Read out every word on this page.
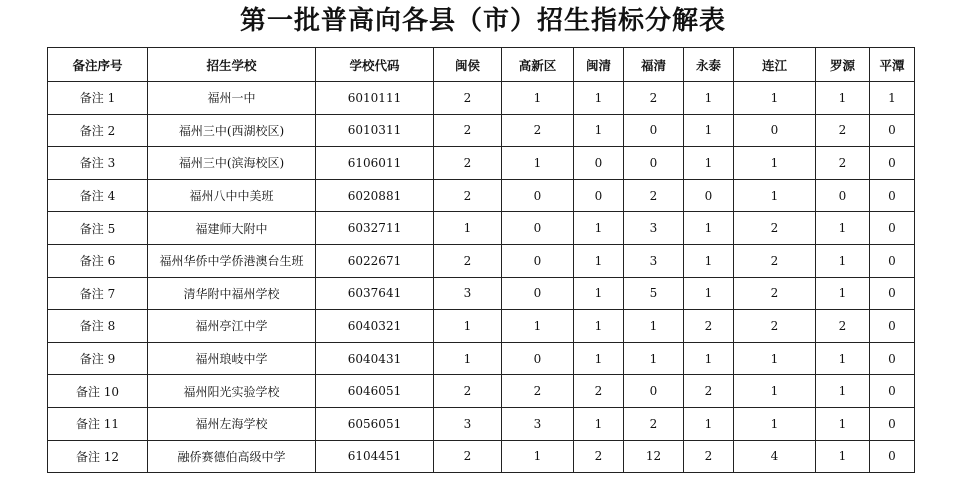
第一批普高向各县（市）招生指标分解表
备注序号	招生学校	学校代码	闽侯	高新区	闽清	福清	永泰	连江	罗源	平潭
备注 1	福州一中	6010111	2	1	1	2	1	1	1	1
备注 2	福州三中(西湖校区)	6010311	2	2	1	0	1	0	2	0
备注 3	福州三中(滨海校区)	6106011	2	1	0	0	1	1	2	0
备注 4	福州八中中美班	6020881	2	0	0	2	0	1	0	0
备注 5	福建师大附中	6032711	1	0	1	3	1	2	1	0
备注 6	福州华侨中学侨港澳台生班	6022671	2	0	1	3	1	2	1	0
备注 7	清华附中福州学校	6037641	3	0	1	5	1	2	1	0
备注 8	福州亭江中学	6040321	1	1	1	1	2	2	2	0
备注 9	福州琅岐中学	6040431	1	0	1	1	1	1	1	0
备注 10	福州阳光实验学校	6046051	2	2	2	0	2	1	1	0
备注 11	福州左海学校	6056051	3	3	1	2	1	1	1	0
备注 12	融侨赛德伯高级中学	6104451	2	1	2	12	2	4	1	0
